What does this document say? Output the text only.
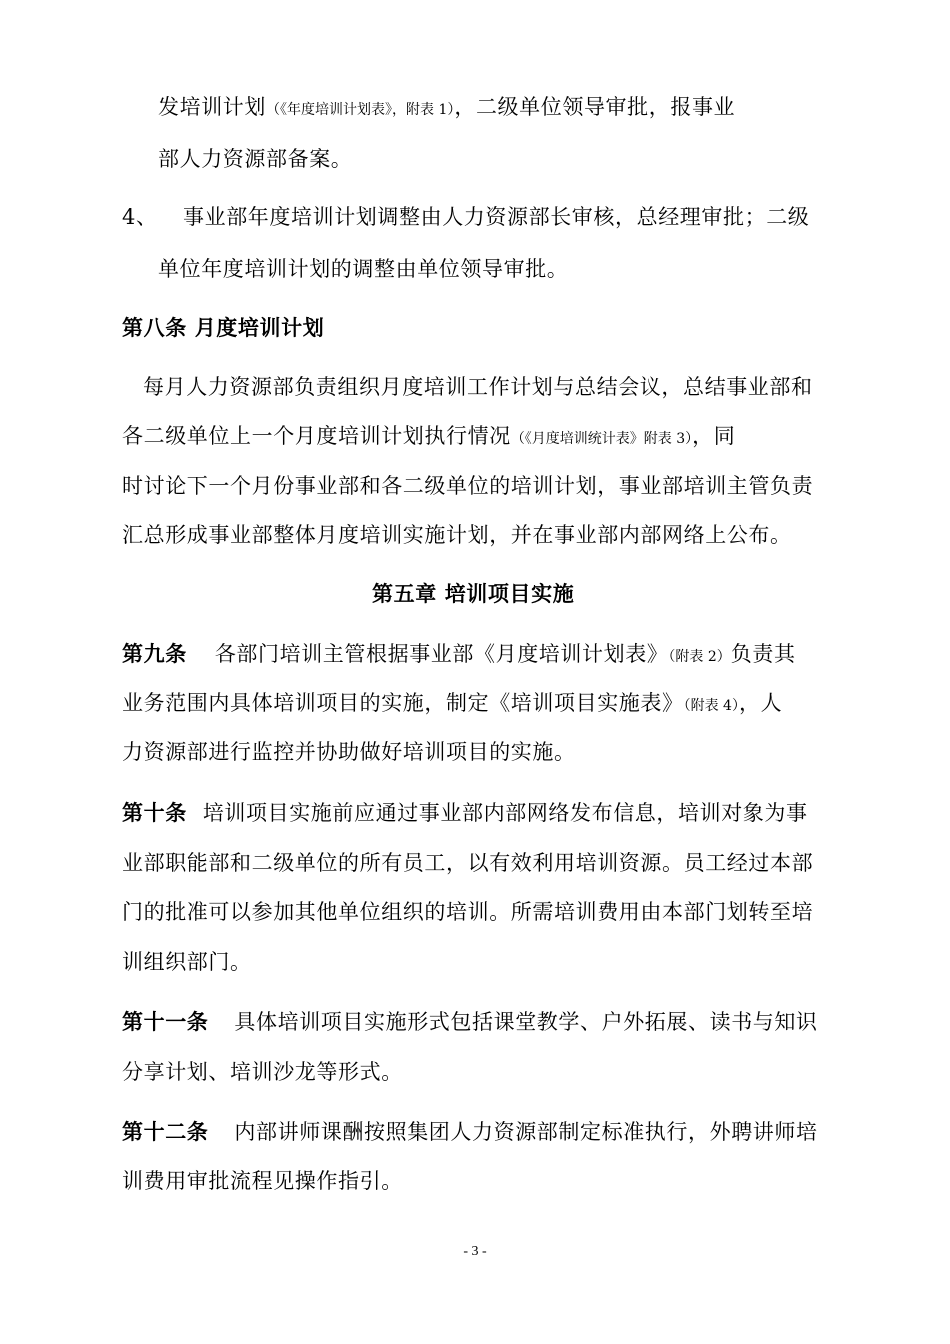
发培训计划（《年度培训计划表》，附表 1），二级单位领导审批，报事业
部人力资源部备案。
4、 事业部年度培训计划调整由人力资源部长审核，总经理审批；二级
单位年度培训计划的调整由单位领导审批。
第八条 月度培训计划
每月人力资源部负责组织月度培训工作计划与总结会议，总结事业部和
各二级单位上一个月度培训计划执行情况（《月度培训统计表》附表 3），同
时讨论下一个月份事业部和各二级单位的培训计划，事业部培训主管负责
汇总形成事业部整体月度培训实施计划，并在事业部内部网络上公布。
第五章 培训项目实施
第九条 各部门培训主管根据事业部《月度培训计划表》（附表 2）负责其
业务范围内具体培训项目的实施，制定《培训项目实施表》（附表 4），人
力资源部进行监控并协助做好培训项目的实施。
第十条 培训项目实施前应通过事业部内部网络发布信息，培训对象为事
业部职能部和二级单位的所有员工，以有效利用培训资源。员工经过本部
门的批准可以参加其他单位组织的培训。所需培训费用由本部门划转至培
训组织部门。
第十一条 具体培训项目实施形式包括课堂教学、户外拓展、读书与知识
分享计划、培训沙龙等形式。
第十二条 内部讲师课酬按照集团人力资源部制定标准执行，外聘讲师培
训费用审批流程见操作指引。
- 3 -
